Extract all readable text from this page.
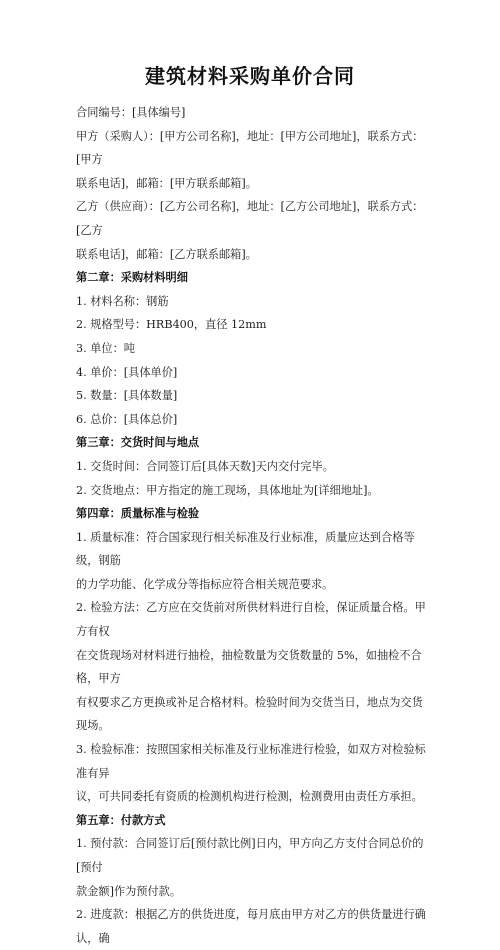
建筑材料采购单价合同

合同编号：[具体编号]

甲方（采购人）：[甲方公司名称]，地址：[甲方公司地址]，联系方式：[甲方

联系电话]，邮箱：[甲方联系邮箱]。

乙方（供应商）：[乙方公司名称]，地址：[乙方公司地址]，联系方式：[乙方

联系电话]，邮箱：[乙方联系邮箱]。

第二章：采购材料明细

1. 材料名称：钢筋

2. 规格型号：HRB400，直径 12mm

3. 单位：吨

4. 单价：[具体单价]

5. 数量：[具体数量]

6. 总价：[具体总价]

第三章：交货时间与地点

1. 交货时间：合同签订后[具体天数]天内交付完毕。

2. 交货地点：甲方指定的施工现场，具体地址为[详细地址]。

第四章：质量标准与检验

1. 质量标准：符合国家现行相关标准及行业标准，质量应达到合格等级，钢筋

的力学功能、化学成分等指标应符合相关规范要求。

2. 检验方法：乙方应在交货前对所供材料进行自检，保证质量合格。甲方有权

在交货现场对材料进行抽检，抽检数量为交货数量的 5%，如抽检不合格，甲方

有权要求乙方更换或补足合格材料。检验时间为交货当日，地点为交货现场。

3. 检验标准：按照国家相关标准及行业标准进行检验，如双方对检验标准有异

议，可共同委托有资质的检测机构进行检测，检测费用由责任方承担。

第五章：付款方式

1. 预付款：合同签订后[预付款比例]日内，甲方向乙方支付合同总价的[预付

款金额]作为预付款。

2. 进度款：根据乙方的供货进度，每月底由甲方对乙方的供货量进行确认，确
